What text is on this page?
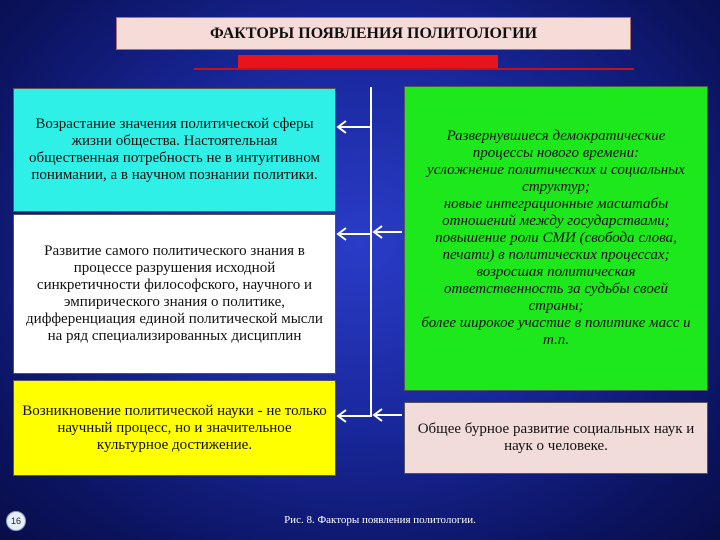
ФАКТОРЫ ПОЯВЛЕНИЯ ПОЛИТОЛОГИИ
Возрастание значения политической сферы жизни общества. Настоятельная общественная потребность не в интуитивном понимании, а в научном познании политики.
Развитие самого политического знания в процессе разрушения исходной синкретичности философского, научного и эмпирического знания о политике, дифференциация единой политической мысли на ряд специализированных дисциплин
Возникновение политической науки - не только научный процесс, но и значительное культурное достижение.
Развернувшиеся демократические процессы нового времени:
усложнение политических и социальных структур;
новые интеграционные масштабы отношений между государствами;
повышение роли СМИ (свобода слова, печати) в политических процессах;
возросшая политическая ответственность за судьбы своей страны;
более широкое участие в политике масс и т.п.
Общее бурное развитие социальных наук и наук о человеке.
16	Рис. 8. Факторы появления политологии.
